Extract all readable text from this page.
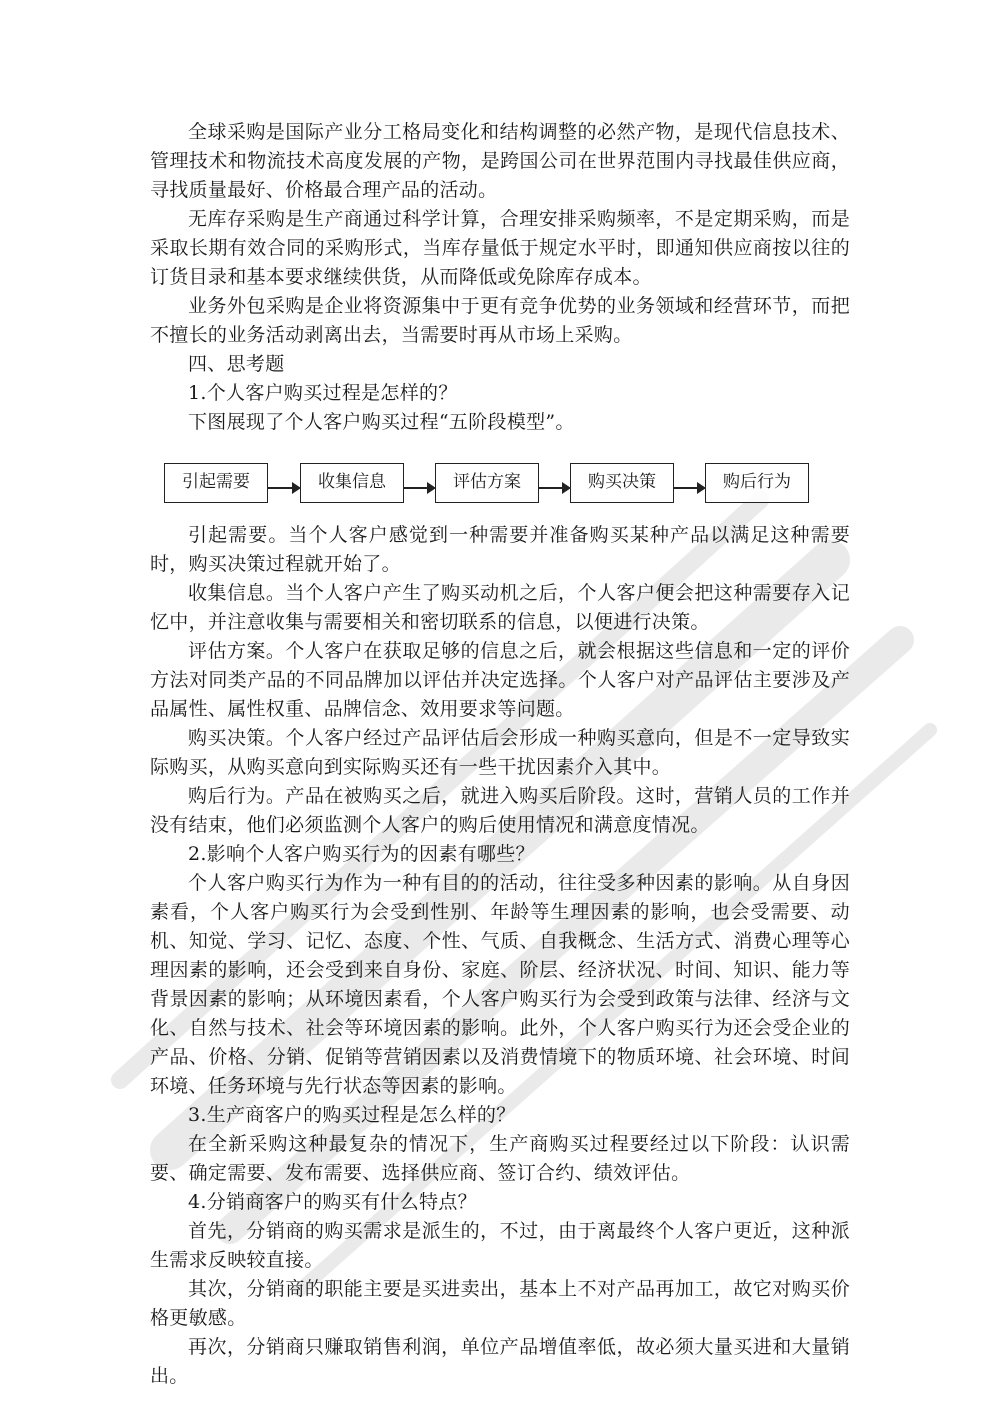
全球采购是国际产业分工格局变化和结构调整的必然产物，是现代信息技术、管理技术和物流技术高度发展的产物，是跨国公司在世界范围内寻找最佳供应商，寻找质量最好、价格最合理产品的活动。

无库存采购是生产商通过科学计算，合理安排采购频率，不是定期采购，而是采取长期有效合同的采购形式，当库存量低于规定水平时，即通知供应商按以往的订货目录和基本要求继续供货，从而降低或免除库存成本。

业务外包采购是企业将资源集中于更有竞争优势的业务领域和经营环节，而把不擅长的业务活动剥离出去，当需要时再从市场上采购。

四、思考题

1.个人客户购买过程是怎样的？

下图展现了个人客户购买过程“五阶段模型”。

引起需要	收集信息	评估方案	购买决策	购后行为

引起需要。当个人客户感觉到一种需要并准备购买某种产品以满足这种需要时，购买决策过程就开始了。

收集信息。当个人客户产生了购买动机之后，个人客户便会把这种需要存入记忆中，并注意收集与需要相关和密切联系的信息，以便进行决策。

评估方案。个人客户在获取足够的信息之后，就会根据这些信息和一定的评价方法对同类产品的不同品牌加以评估并决定选择。个人客户对产品评估主要涉及产品属性、属性权重、品牌信念、效用要求等问题。

购买决策。个人客户经过产品评估后会形成一种购买意向，但是不一定导致实际购买，从购买意向到实际购买还有一些干扰因素介入其中。

购后行为。产品在被购买之后，就进入购买后阶段。这时，营销人员的工作并没有结束，他们必须监测个人客户的购后使用情况和满意度情况。

2.影响个人客户购买行为的因素有哪些？

个人客户购买行为作为一种有目的的活动，往往受多种因素的影响。从自身因素看，个人客户购买行为会受到性别、年龄等生理因素的影响，也会受需要、动机、知觉、学习、记忆、态度、个性、气质、自我概念、生活方式、消费心理等心理因素的影响，还会受到来自身份、家庭、阶层、经济状况、时间、知识、能力等背景因素的影响；从环境因素看，个人客户购买行为会受到政策与法律、经济与文化、自然与技术、社会等环境因素的影响。此外，个人客户购买行为还会受企业的产品、价格、分销、促销等营销因素以及消费情境下的物质环境、社会环境、时间环境、任务环境与先行状态等因素的影响。

3.生产商客户的购买过程是怎么样的？

在全新采购这种最复杂的情况下，生产商购买过程要经过以下阶段：认识需要、确定需要、发布需要、选择供应商、签订合约、绩效评估。

4.分销商客户的购买有什么特点？

首先，分销商的购买需求是派生的，不过，由于离最终个人客户更近，这种派生需求反映较直接。

其次，分销商的职能主要是买进卖出，基本上不对产品再加工，故它对购买价格更敏感。

再次，分销商只赚取销售利润，单位产品增值率低，故必须大量买进和大量销出。
